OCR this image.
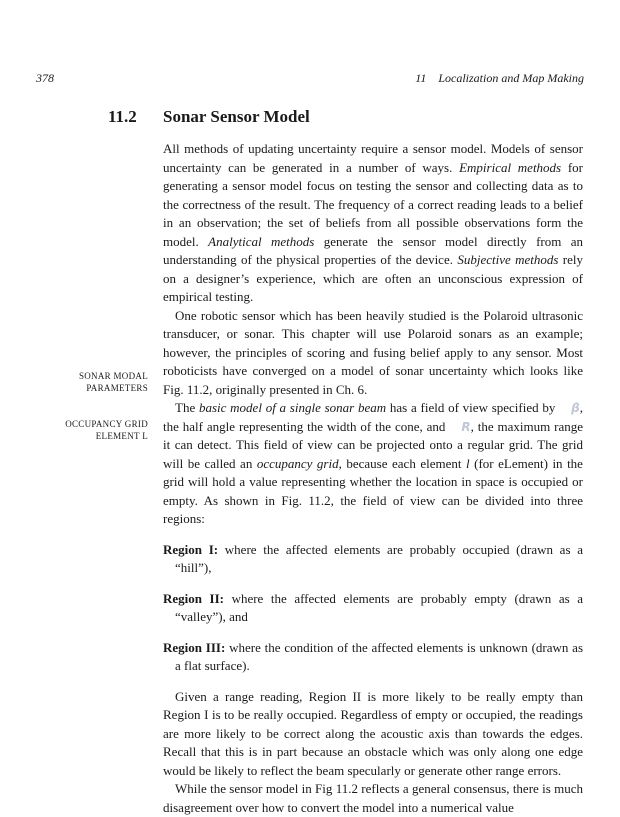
378	11 Localization and Map Making
11.2 Sonar Sensor Model
SONAR MODAL
PARAMETERS
OCCUPANCY GRID
ELEMENT L

All methods of updating uncertainty require a sensor model. Models of sensor uncertainty can be generated in a number of ways. Empirical methods for generating a sensor model focus on testing the sensor and collecting data as to the correctness of the result. The frequency of a correct reading leads to a belief in an observation; the set of beliefs from all possible observations form the model. Analytical methods generate the sensor model directly from an understanding of the physical properties of the device. Subjective methods rely on a designer’s experience, which are often an unconscious expression of empirical testing.

One robotic sensor which has been heavily studied is the Polaroid ultrasonic transducer, or sonar. This chapter will use Polaroid sonars as an example; however, the principles of scoring and fusing belief apply to any sensor. Most roboticists have converged on a model of sonar uncertainty which looks like Fig. 11.2, originally presented in Ch. 6.

The basic model of a single sonar beam has a field of view specified by β, the half angle representing the width of the cone, and R, the maximum range it can detect. This field of view can be projected onto a regular grid. The grid will be called an occupancy grid, because each element l (for eLement) in the grid will hold a value representing whether the location in space is occupied or empty. As shown in Fig. 11.2, the field of view can be divided into three regions:

Region I: where the affected elements are probably occupied (drawn as a “hill”),

Region II: where the affected elements are probably empty (drawn as a “valley”), and

Region III: where the condition of the affected elements is unknown (drawn as a flat surface).

Given a range reading, Region II is more likely to be really empty than Region I is to be really occupied. Regardless of empty or occupied, the readings are more likely to be correct along the acoustic axis than towards the edges. Recall that this is in part because an obstacle which was only along one edge would be likely to reflect the beam specularly or generate other range errors.

While the sensor model in Fig 11.2 reflects a general consensus, there is much disagreement over how to convert the model into a numerical value
